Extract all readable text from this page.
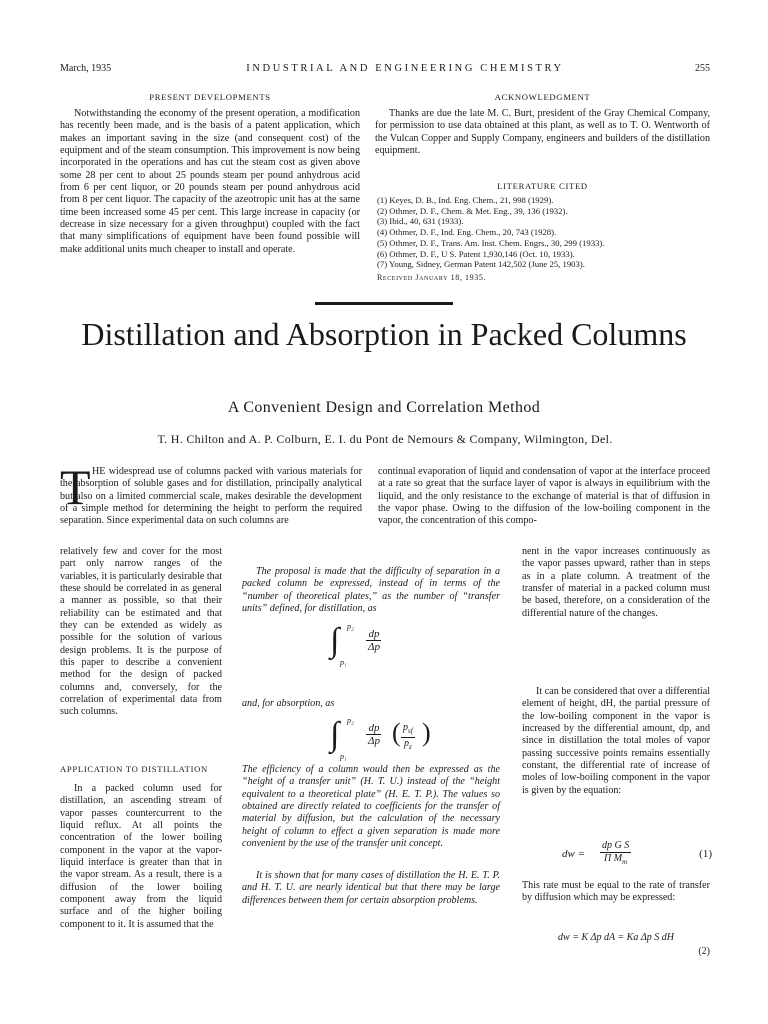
March, 1935	INDUSTRIAL AND ENGINEERING CHEMISTRY	255
PRESENT DEVELOPMENTS

Notwithstanding the economy of the present operation, a modification has recently been made, and is the basis of a patent application, which makes an important saving in the size (and consequent cost) of the equipment and of the steam consumption. This improvement is now being incorporated in the operations and has cut the steam cost as given above some 28 per cent to about 25 pounds steam per pound anhydrous acid from 6 per cent liquor, or 20 pounds steam per pound anhydrous acid from 8 per cent liquor. The capacity of the azeotropic unit has at the same time been increased some 45 per cent. This large increase in capacity (or decrease in size necessary for a given throughput) coupled with the fact that many simplifications of equipment have been found possible will make additional units much cheaper to install and operate.

ACKNOWLEDGMENT

Thanks are due the late M. C. Burt, president of the Gray Chemical Company, for permission to use data obtained at this plant, as well as to T. O. Wentworth of the Vulcan Copper and Supply Company, engineers and builders of the distillation equipment.

LITERATURE CITED
(1) Keyes, D. B., Ind. Eng. Chem., 21, 998 (1929).
(2) Othmer, D. F., Chem. & Met. Eng., 39, 136 (1932).
(3) Ibid., 40, 631 (1933).
(4) Othmer, D. F., Ind. Eng. Chem., 20, 743 (1928).
(5) Othmer, D. F., Trans. Am. Inst. Chem. Engrs., 30, 299 (1933).
(6) Othmer, D. F., U S. Patent 1,930,146 (Oct. 10, 1933).
(7) Young, Sidney, German Patent 142,502 (June 25, 1903).
Received January 18, 1935.
Distillation and Absorption in Packed Columns
A Convenient Design and Correlation Method
T. H. Chilton and A. P. Colburn, E. I. du Pont de Nemours & Company, Wilmington, Del.
T HE widespread use of columns packed with various materials for the absorption of soluble gases and for distillation, principally analytical but also on a limited commercial scale, makes desirable the development of a simple method for determining the height to perform the required separation. Since experimental data on such columns are

relatively few and cover for the most part only narrow ranges of the variables, it is particularly desirable that these should be correlated in as general a manner as possible, so that their reliability can be estimated and that they can be extended as widely as possible for the solution of various design problems. It is the purpose of this paper to describe a convenient method for the design of packed columns and, conversely, for the correlation of experimental data from such columns.

APPLICATION TO DISTILLATION

In a packed column used for distillation, an ascending stream of vapor passes countercurrent to the liquid reflux. At all points the concentration of the lower boiling component in the vapor at the vapor-liquid interface is greater than that in the vapor stream. As a result, there is a diffusion of the lower boiling component away from the liquid surface and of the higher boiling component to it. It is assumed that the

The proposal is made that the difficulty of separation in a packed column be expressed, instead of in terms of the “number of theoretical plates,” as the number of “transfer units” defined, for distillation, as

∫ p₂
p₁
$\frac{dp}{\Delta p}$

and, for absorption, as

∫ p₂
p₁
$\frac{dp}{\Delta p}$ ( $p_{sf}$
$p_z$ )

The efficiency of a column would then be expressed as the “height of a transfer unit” (H. T. U.) instead of the “height equivalent to a theoretical plate” (H. E. T. P.). The values so obtained are directly related to coefficients for the transfer of material by diffusion, but the calculation of the necessary height of column to effect a given separation is made more convenient by the use of the transfer unit concept.

It is shown that for many cases of distillation the H. E. T. P. and H. T. U. are nearly identical but that there may be large differences between them for certain absorption problems.

continual evaporation of liquid and condensation of vapor at the interface proceed at a rate so great that the surface layer of vapor is always in equilibrium with the liquid, and the only resistance to the exchange of material is that of diffusion in the vapor phase. Owing to the diffusion of the low-boiling component in the vapor, the concentration of this compo-

nent in the vapor increases continuously as the vapor passes upward, rather than in steps as in a plate column. A treatment of the transfer of material in a packed column must be based, therefore, on a consideration of the differential nature of the changes.

It can be considered that over a differential element of height, dH, the partial pressure of the low-boiling component in the vapor is increased by the differential amount, dp, and since in distillation the total moles of vapor passing successive points remains essentially constant, the differential rate of increase of moles of low-boiling component in the vapor is given by the equation:

dw = $\frac{\text{dp G S}}{\Pi M_m}$	(1)

This rate must be equal to the rate of transfer by diffusion which may be expressed:

dw = K Δp dA = Ka Δp S dH
(2)
